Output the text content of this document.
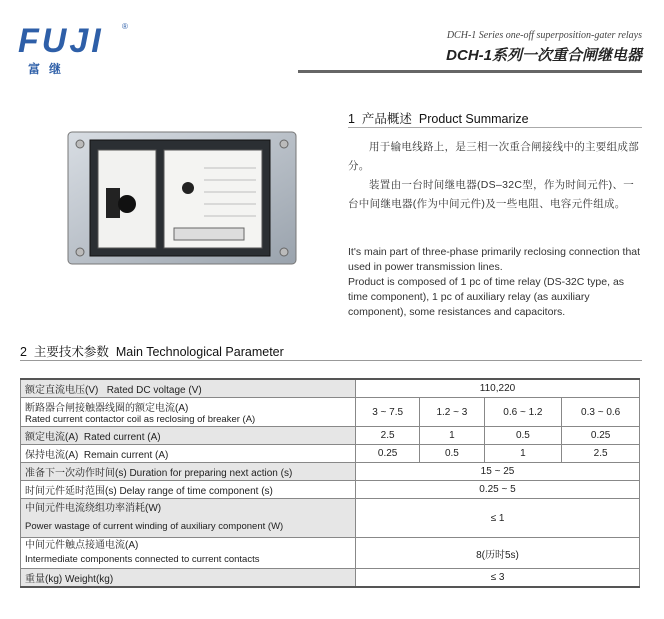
FUJI	®
富继
DCH-1 Series one-off superposition-gater relays
DCH-1系列一次重合闸继电器
1 产品概述 Product Summarize

用于输电线路上，是三相一次重合闸接线中的主要组成部分。

装置由一台时间继电器(DS–32C型，作为时间元件)、一台中间继电器(作为中间元件)及一些电阻、电容元件组成。

It's main part of three-phase primarily reclosing connection that used in power transmission lines.

Product is composed of 1 pc of time relay (DS-32C type, as time component), 1 pc of auxiliary relay (as auxiliary component), some resistances and capacitors.

2 主要技术参数 Main Technological Parameter
额定直流电压(V) Rated DC voltage (V)	110,220			
断路器合闸接触器线圈的额定电流(A)
Rated current contactor coil as reclosing of breaker (A)	3 ~ 7.5	1.2 ~ 3	0.6 ~ 1.2	0.3 ~ 0.6
额定电流(A) Rated current (A)	2.5	1	0.5	0.25
保持电流(A) Remain current (A)	0.25	0.5	1	2.5
准备下一次动作时间(s) Duration for preparing next action (s)	15 ~ 25			
时间元件延时范围(s) Delay range of time component (s)	0.25 ~ 5			
中间元件电流绕组功率消耗(W)
Power wastage of current winding of auxiliary component (W)	≤ 1			
中间元件触点接通电流(A)
Intermediate components connected to current contacts	8(历时5s)			
重量(kg) Weight(kg)	≤ 3			
